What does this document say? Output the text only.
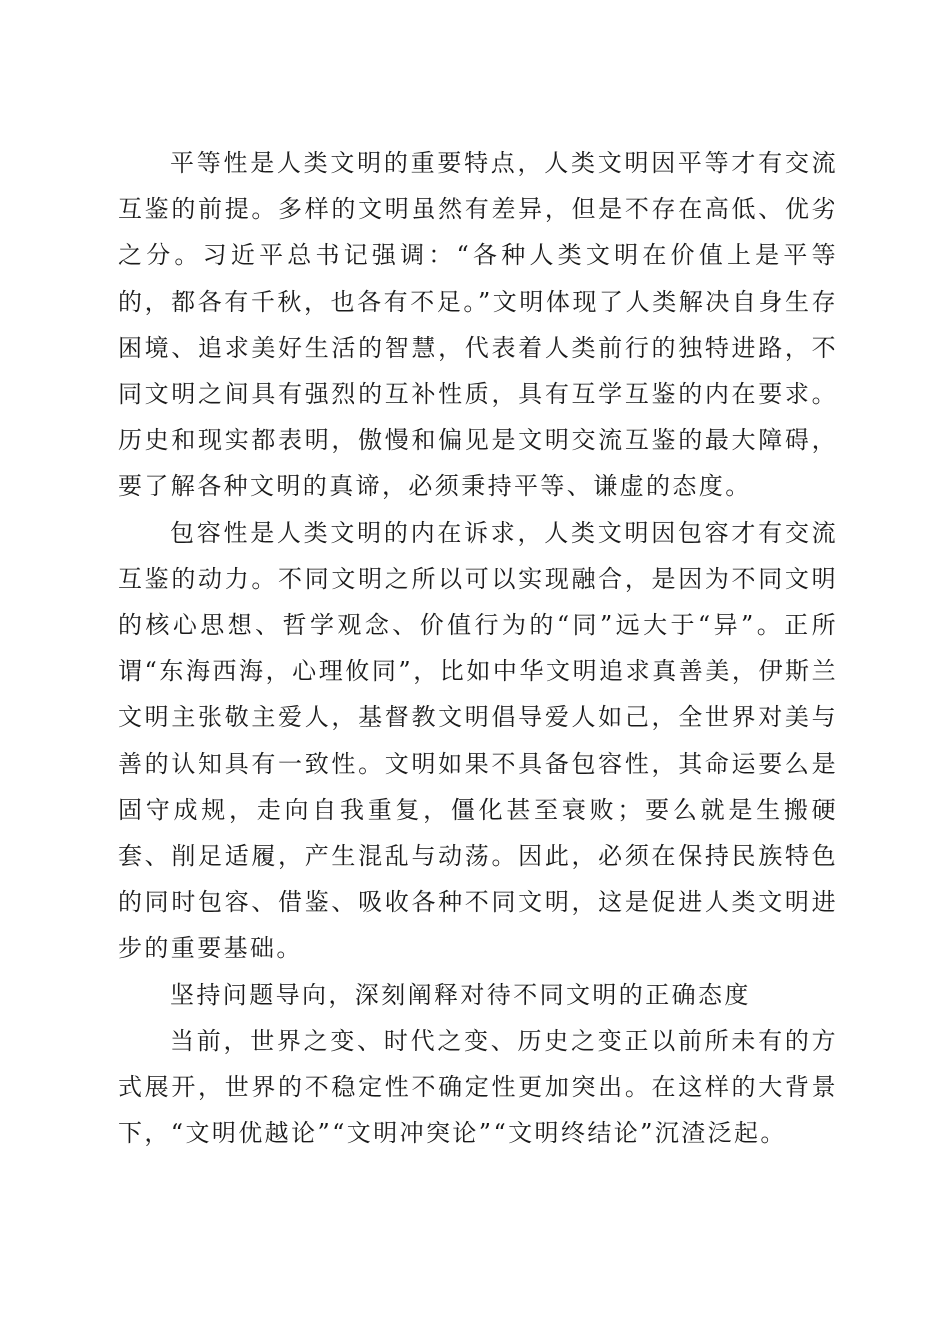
平等性是人类文明的重要特点，人类文明因平等才有交流互鉴的前提。多样的文明虽然有差异，但是不存在高低、优劣之分。习近平总书记强调：“各种人类文明在价值上是平等的，都各有千秋，也各有不足。”文明体现了人类解决自身生存困境、追求美好生活的智慧，代表着人类前行的独特进路，不同文明之间具有强烈的互补性质，具有互学互鉴的内在要求。历史和现实都表明，傲慢和偏见是文明交流互鉴的最大障碍，要了解各种文明的真谛，必须秉持平等、谦虚的态度。

包容性是人类文明的内在诉求，人类文明因包容才有交流互鉴的动力。不同文明之所以可以实现融合，是因为不同文明的核心思想、哲学观念、价值行为的“同”远大于“异”。正所谓“东海西海，心理攸同”，比如中华文明追求真善美，伊斯兰文明主张敬主爱人，基督教文明倡导爱人如己，全世界对美与善的认知具有一致性。文明如果不具备包容性，其命运要么是固守成规，走向自我重复，僵化甚至衰败；要么就是生搬硬套、削足适履，产生混乱与动荡。因此，必须在保持民族特色的同时包容、借鉴、吸收各种不同文明，这是促进人类文明进步的重要基础。

坚持问题导向，深刻阐释对待不同文明的正确态度

当前，世界之变、时代之变、历史之变正以前所未有的方式展开，世界的不稳定性不确定性更加突出。在这样的大背景下，“文明优越论”“文明冲突论”“文明终结论”沉渣泛起。
